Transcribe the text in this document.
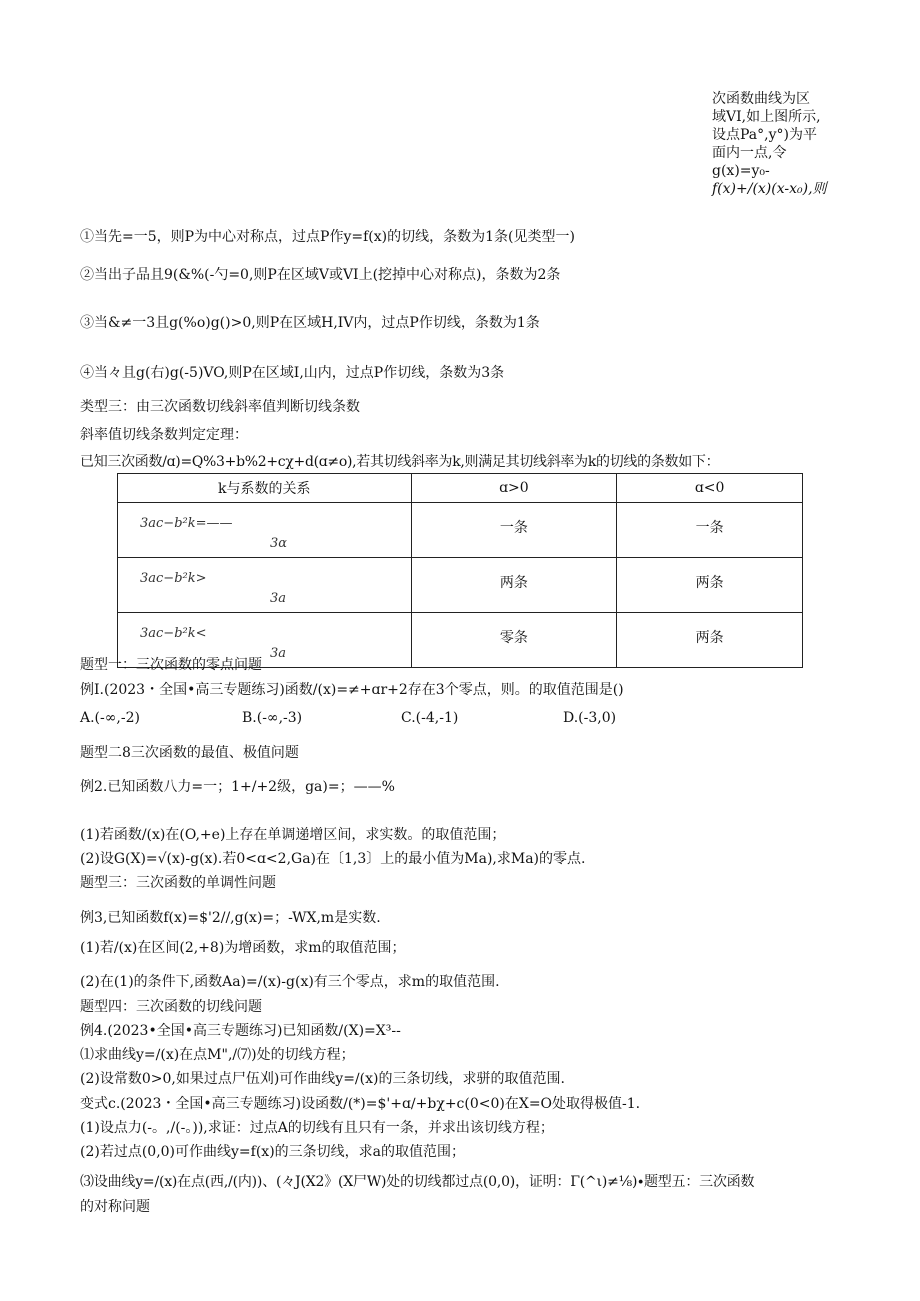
次函数曲线为区
域VI,如上图所示,
设点Pa°,y°)为平
面内一点,令
g(x)=y₀-
f(x)+/(x)(x-x₀),则
①当先=一5，则P为中心对称点，过点P作y=f(x)的切线，条数为1条(见类型一)
②当出子品且9(&%(-勺=0,则P在区域V或VI上(挖掉中心对称点)，条数为2条
③当&≠一3且g(%o)g()>0,则P在区域H,IV内，过点P作切线，条数为1条
④当々且g(右)g(-5)VO,则P在区域I,山内，过点P作切线，条数为3条
类型三：由三次函数切线斜率值判断切线条数
斜率值切线条数判定定理：
已知三次函数/ɑ)=Q%3+b%2+cχ+d(ɑ≠o),若其切线斜率为k,则满足其切线斜率为k的切线的条数如下：
k与系数的关系	ɑ>0	ɑ<0

3ac−b²k=——
3α	一条	一条

3ac−b²k>
3a	两条	两条

3ac−b²k<
3a	零条	两条
题型一：三次函数的零点问题
例I.(2023・全国•高三专题练习)函数/(x)=≠+ɑr+2存在3个零点，则。的取值范围是()
A.(-∞,-2)	B.(-∞,-3)	C.(-4,-1)	D.(-3,0)
题型二8三次函数的最值、极值问题
例2.已知函数八力=一；1+/+2级，ga)=；——%
(1)若函数/(x)在(O,+e)上存在单调递增区间，求实数。的取值范围；
(2)设G(X)=√(x)-g(x).若0<ɑ<2,Ga)在〔1,3〕上的最小值为Ma),求Ma)的零点.
题型三：三次函数的单调性问题
例3,已知函数f(x)=$'2//,g(x)=；-WX,m是实数.
(1)若/(x)在区间(2,+8)为增函数，求m的取值范围；
(2)在(1)的条件下,函数Aa)=/(x)-g(x)有三个零点，求m的取值范围.
题型四：三次函数的切线问题
例4.(2023•全国•高三专题练习)已知函数/(X)=X³--
⑴求曲线y=∕(x)在点M",/⑺)处的切线方程；
(2)设常数0>0,如果过点尸伍刈)可作曲线y=∕(x)的三条切线，求骈的取值范围.
变式c.(2023・全国•高三专题练习)设函数/(*)=$'+ɑ∕+bχ+c(0<0)在X=O处取得极值-1.
(1)设点力(-。,/(-。)),求证：过点A的切线有且只有一条，并求出该切线方程；
(2)若过点(0,0)可作曲线y=f(x)的三条切线，求a的取值范围；
⑶设曲线y=∕(x)在点(西,/(内))、(々J(X2》(X尸W)处的切线都过点(0,0)，证明：Γ(^ι)≠⅛)∙题型五：三次函数
的对称问题
